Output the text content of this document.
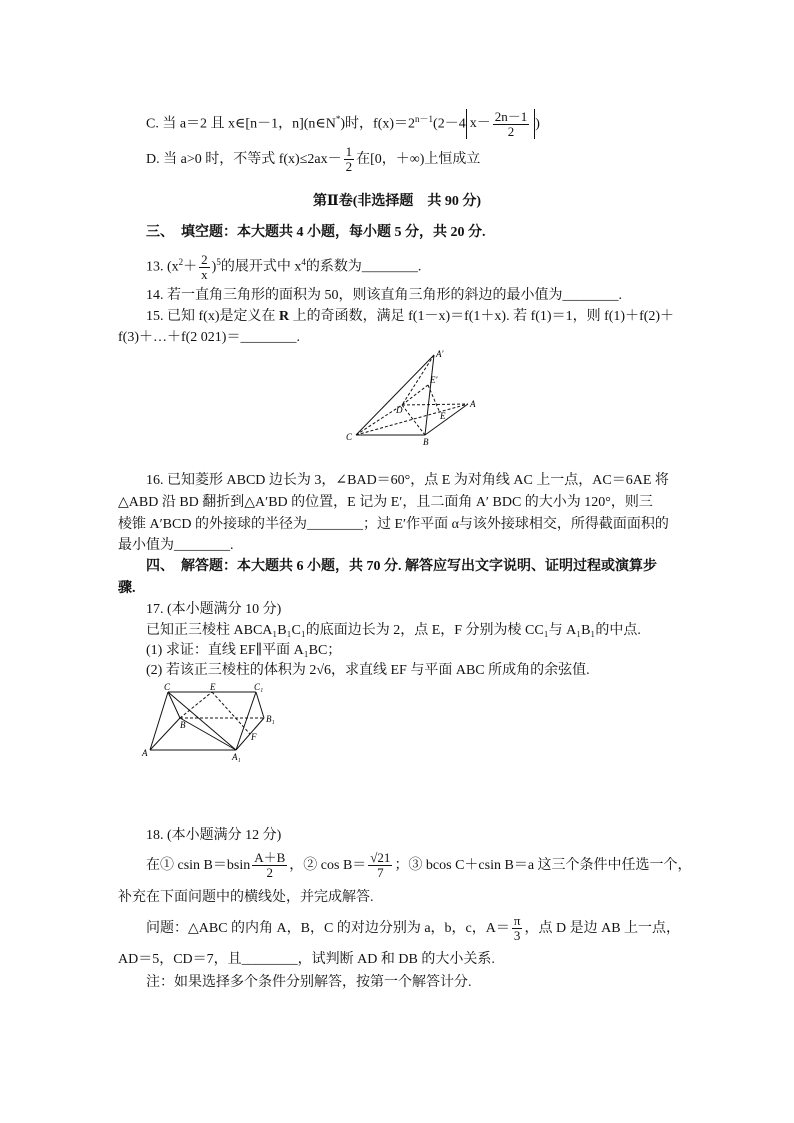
C. 当 a＝2 且 x∈[n－1，n](n∈N*)时，$f(x)=2^{n-1}(2-4$ $x- \frac{2n-1}{2}$ )
D. 当 a>0 时，不等式 $f(x)\le 2ax- \frac{1}{2}$ 在[0，＋∞)上恒成立
第Ⅱ卷(非选择题　共 90 分)
三、　填空题：本大题共 4 小题，每小题 5 分，共 20 分.
13. $(x^2+ \frac{2}{x} )^5$的展开式中 $x^4$的系数为________.
14. 若一直角三角形的面积为 50，则该直角三角形的斜边的最小值为________.
15. 已知 f(x)是定义在 R 上的奇函数，满足 f(1－x)＝f(1＋x). 若 f(1)＝1，则 f(1)＋f(2)＋
f(3)＋…＋f(2 021)＝________.
A′
E′
D
A
E
C	B
16. 已知菱形 ABCD 边长为 3，∠BAD＝60°，点 E 为对角线 AC 上一点，AC＝6AE 将
△ABD 沿 BD 翻折到△A′BD 的位置，E 记为 E′，且二面角 A′ BDC 的大小为 120°，则三
棱锥 A′BCD 的外接球的半径为________；过 E′作平面 α与该外接球相交，所得截面面积的
最小值为________.
四、　解答题：本大题共 6 小题，共 70 分. 解答应写出文字说明、证明过程或演算步
骤.
17. (本小题满分 10 分)
已知正三棱柱 ABCA₁B₁C₁的底面边长为 2，点 E，F 分别为棱 CC₁与 A₁B₁的中点.
(1) 求证：直线 EF∥平面 A₁BC；
(2) 若该正三棱柱的体积为 2√6，求直线 EF 与平面 ABC 所成角的余弦值.
C	E	C₁
B₁
B
F
A	A₁
18. (本小题满分 12 分)
在① csin $B=bsin \frac{A+B}{2}$ ，② $\cos B= \frac{√21}{7}$ ；③ bcos C＋csin B＝a 这三个条件中任选一个，
补充在下面问题中的横线处，并完成解答.
问题：△ABC 的内角 A，B，C 的对边分别为 a，b，c，$A= \frac{\pi}{3}$ ，点 D 是边 AB 上一点，
AD＝5，CD＝7，且________，试判断 AD 和 DB 的大小关系.
注：如果选择多个条件分别解答，按第一个解答计分.
